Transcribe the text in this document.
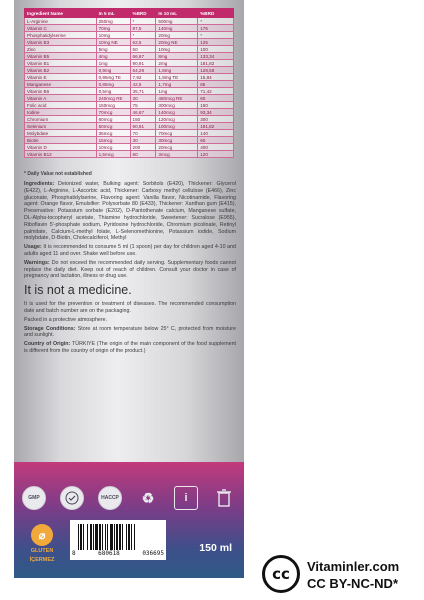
Ingredient Name	In 5 mL	%BRD	In 10 mL	%BRD
L-Arginine	250mg	*	500mg	*
Vitamin C	70mg	87,5	140mg	175
Phosphatidylserine	10mg	*	20mg	*
Vitamin B3	10mg NE	62,5	20mg NE	125
Zinc	5mg	50	10mg	100
Vitamin B5	4mg	66,67	8mg	133,34
Vitamin B1	1mg	90,91	2mg	181,82
Vitamin B2	0,9mg	64,29	1,8mg	128,58
Vitamin E	0,95mg TE	7,92	1,9mg TE	15,84
Manganese	0,85mg	42,5	1,7mg	85
Vitamin B6	0,5mg	35,71	1mg	71,42
Vitamin A	240mcg RE	30	480mcg RE	60
Folic acid	150mcg	75	300mcg	150
Iodine	70mcg	46,67	140mcg	93,34
Chromium	60mcg	150	120mcg	300
Selenium	50mcg	90,91	100mcg	181,82
Molybdate	35mcg	70	70mcg	140
Biotin	15mcg	30	30mcg	60
Vitamin D	10mcg	200	20mcg	400
Vitamin B12	1,5mcg	60	3mcg	120
* Daily Value not established

Ingredients: Deionized water, Bulking agent: Sorbitols (E420), Thickener: Glycerol (E422), L-Arginine, L-Ascorbic acid, Thickener: Carboxy methyl cellulose (E466), Zinc gluconate, Phosphatidylserine, Flavoring agent: Vanilla flavor, Nicotinamide, Flavoring agent: Orange flavor, Emulsifier: Polysorbate 80 (E433), Thickener: Xanthan gum (E415), Preservative: Potassium sorbate (E202), D-Pantothenate calcium, Manganese sulfate, DL-Alpha-tocopheryl acetate, Thiamine hydrochloride, Sweetener: Sucralose (E955), Riboflavin 5'-phosphate sodium, Pyridoxine hydrochloride, Chromium picolinate, Retinyl palmitate, Calcium-L-methyl folate, L-Selenomethionine, Potassium iodide, Sodium molybdate, D-Biotin, Cholecalciferol, Methyl

Usage: It is recommended to consume 5 ml (1 spoon) per day for children aged 4-10 and adults aged 11 and over. Shake well before use.

Warnings: Do not exceed the recommended daily serving. Supplementary foods cannot replace the daily diet. Keep out of reach of children. Consult your doctor in case of pregnancy and lactation, illness or drug use.

It is not a medicine.

It is used for the prevention or treatment of diseases. The recommended consumption date and batch number are on the packaging.

Packed in a protective atmosphere.

Storage Conditions: Store at room temperature below 25° C, protected from moisture and sunlight.

Country of Origin: TÜRKIYE (The origin of the main component of the food supplement is different from the country of origin of the product.)

GMP	HACCP	♻	i
⌀
GLUTEN
İÇERMEZ
8	680618	036695	150 ml
cc	Vitaminler.com
CC BY-NC-ND*
